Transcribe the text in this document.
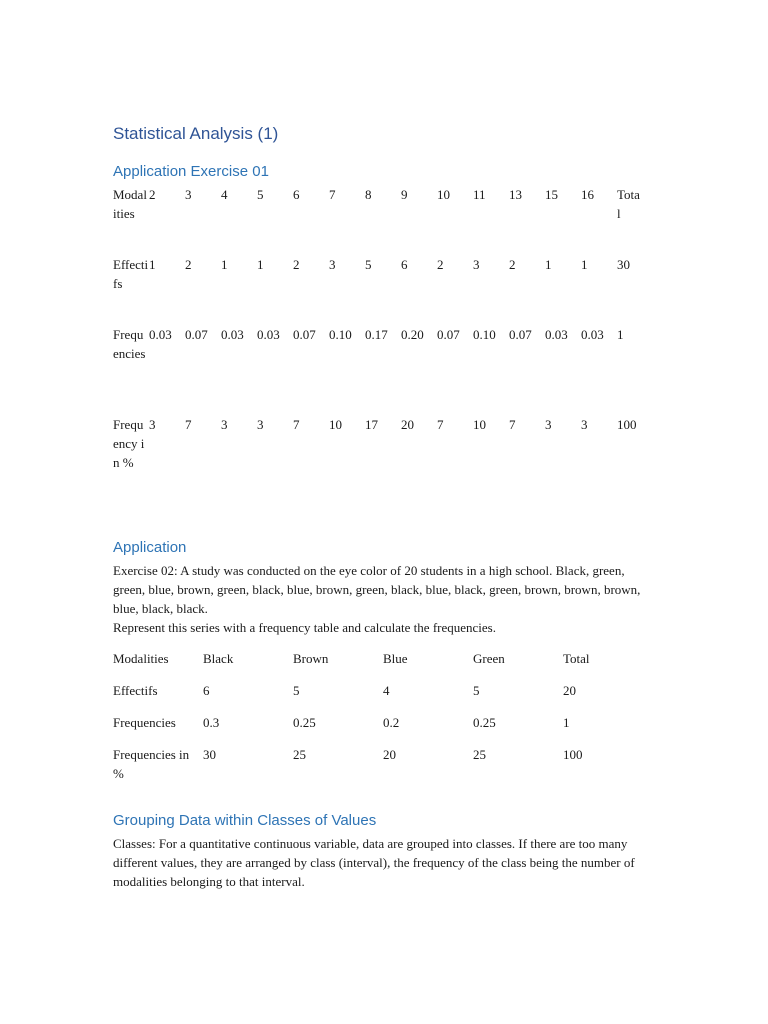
Statistical Analysis (1)
Application Exercise 01
Modalities	2	3	4	5	6	7	8	9	10	11	13	15	16	Total
Effectifs	1	2	1	1	2	3	5	6	2	3	2	1	1	30
Frequencies	0.03	0.07	0.03	0.03	0.07	0.10	0.17	0.20	0.07	0.10	0.07	0.03	0.03	1
Frequency in %	3	7	3	3	7	10	17	20	7	10	7	3	3	100
Application
Exercise 02: A study was conducted on the eye color of 20 students in a high school. Black, green, green, blue, brown, green, black, blue, brown, green, black, blue, black, green, brown, brown, brown, blue, black, black.
Represent this series with a frequency table and calculate the frequencies.
Modalities	Black	Brown	Blue	Green	Total
Effectifs	6	5	4	5	20
Frequencies	0.3	0.25	0.2	0.25	1
Frequencies in %	30	25	20	25	100
Grouping Data within Classes of Values
Classes: For a quantitative continuous variable, data are grouped into classes. If there are too many different values, they are arranged by class (interval), the frequency of the class being the number of modalities belonging to that interval.
